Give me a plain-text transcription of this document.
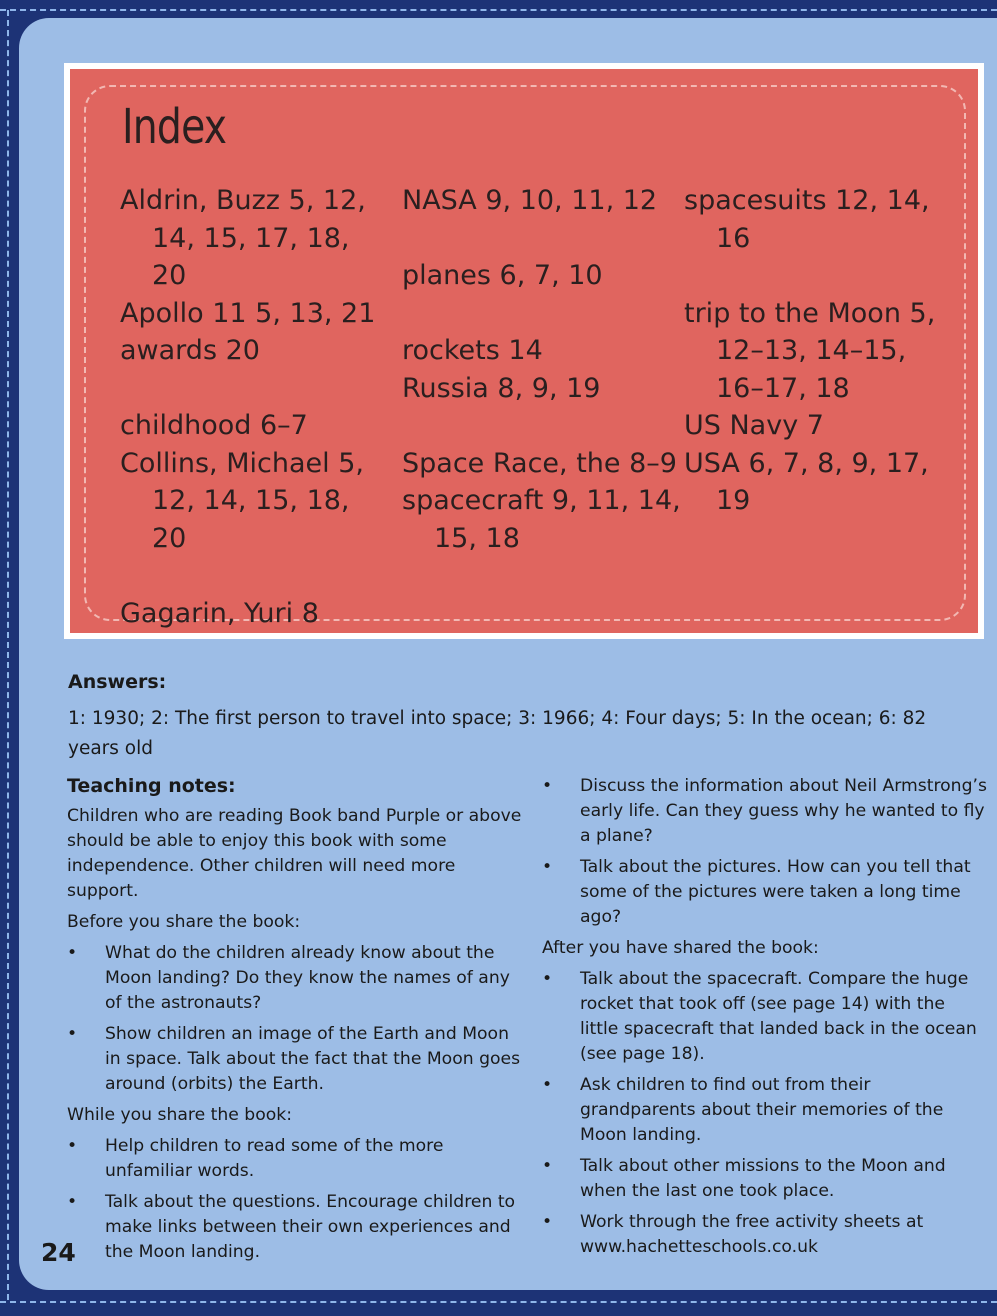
Index
Aldrin, Buzz 5, 12, 14, 15, 17, 18, 20
Apollo 11 5, 13, 21
awards 20
childhood 6–7
Collins, Michael 5, 12, 14, 15, 18, 20
Gagarin, Yuri 8
NASA 9, 10, 11, 12
planes 6, 7, 10
rockets 14
Russia 8, 9, 19
Space Race, the 8–9
spacecraft 9, 11, 14, 15, 18
spacesuits 12, 14, 16
trip to the Moon 5, 12–13, 14–15, 16–17, 18
US Navy 7
USA 6, 7, 8, 9, 17, 19
Answers:
1: 1930; 2: The first person to travel into space; 3: 1966; 4: Four days; 5: In the ocean; 6: 82 years old
Teaching notes:
Children who are reading Book band Purple or above should be able to enjoy this book with some independence. Other children will need more support.
Before you share the book:
• What do the children already know about the Moon landing? Do they know the names of any of the astronauts?
• Show children an image of the Earth and Moon in space. Talk about the fact that the Moon goes around (orbits) the Earth.
While you share the book:
• Help children to read some of the more unfamiliar words.
• Talk about the questions. Encourage children to make links between their own experiences and the Moon landing.
• Discuss the information about Neil Armstrong’s early life. Can they guess why he wanted to fly a plane?
• Talk about the pictures. How can you tell that some of the pictures were taken a long time ago?
After you have shared the book:
• Talk about the spacecraft. Compare the huge rocket that took off (see page 14) with the little spacecraft that landed back in the ocean (see page 18).
• Ask children to find out from their grandparents about their memories of the Moon landing.
• Talk about other missions to the Moon and when the last one took place.
• Work through the free activity sheets at www.hachetteschools.co.uk
24
